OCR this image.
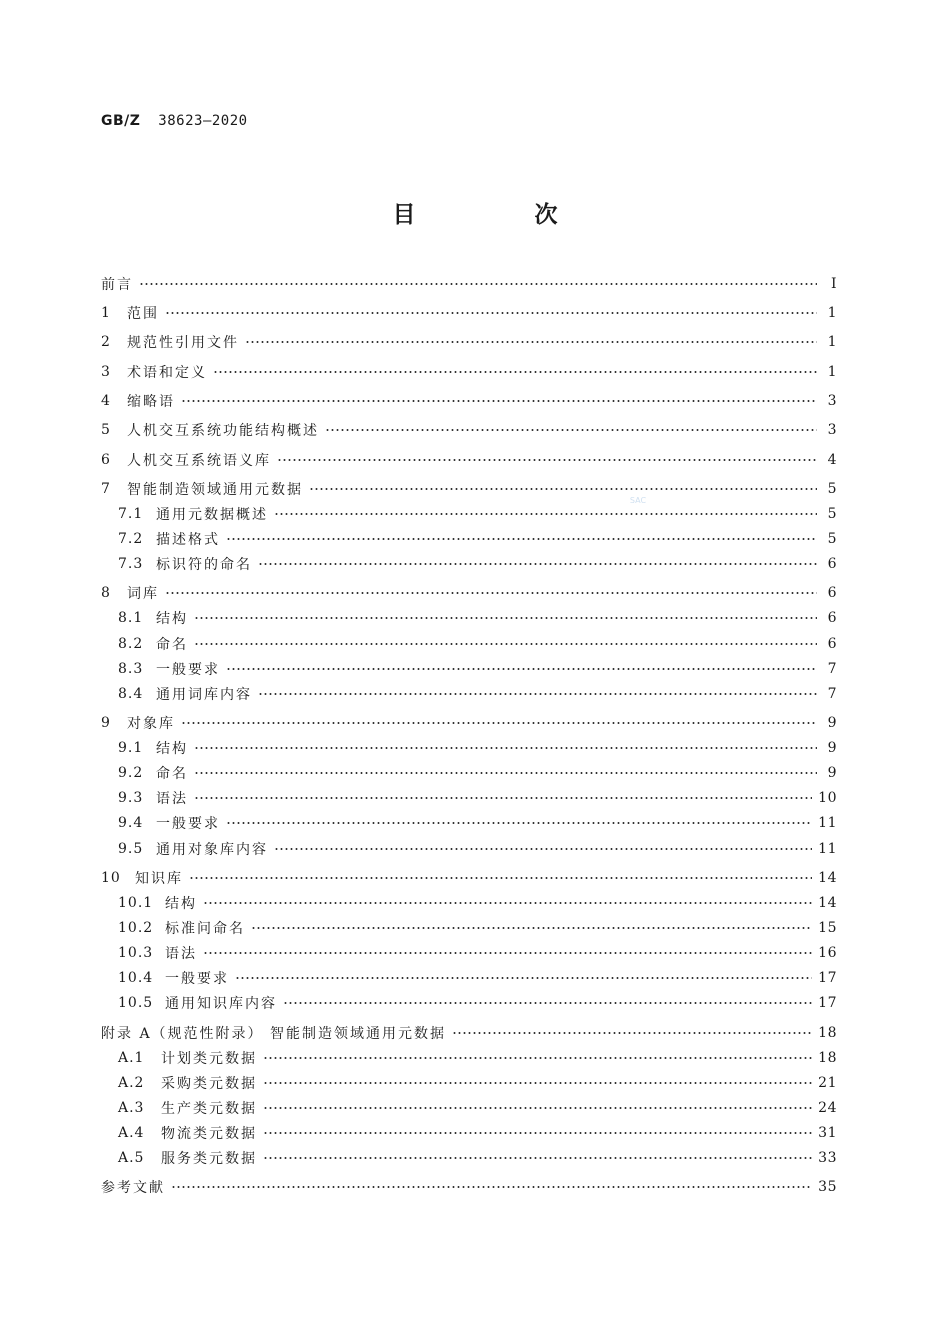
GB/Z 38623—2020
目　次
SAC
前言	Ⅰ
1	范围	1
2	规范性引用文件	1
3	术语和定义	1
4	缩略语	3
5	人机交互系统功能结构概述	3
6	人机交互系统语义库	4
7	智能制造领域通用元数据	5
7.1 通用元数据概述	5
7.2 描述格式	5
7.3 标识符的命名	6
8	词库	6
8.1 结构	6
8.2 命名	6
8.3 一般要求	7
8.4 通用词库内容	7
9	对象库	9
9.1 结构	9
9.2 命名	9
9.3 语法	10
9.4 一般要求	11
9.5 通用对象库内容	11
10	知识库	14
10.1 结构	14
10.2 标准问命名	15
10.3 语法	16
10.4 一般要求	17
10.5 通用知识库内容	17
附录 A（规范性附录） 智能制造领域通用元数据	18
A.1	计划类元数据	18
A.2	采购类元数据	21
A.3	生产类元数据	24
A.4	物流类元数据	31
A.5	服务类元数据	33
参考文献	35
